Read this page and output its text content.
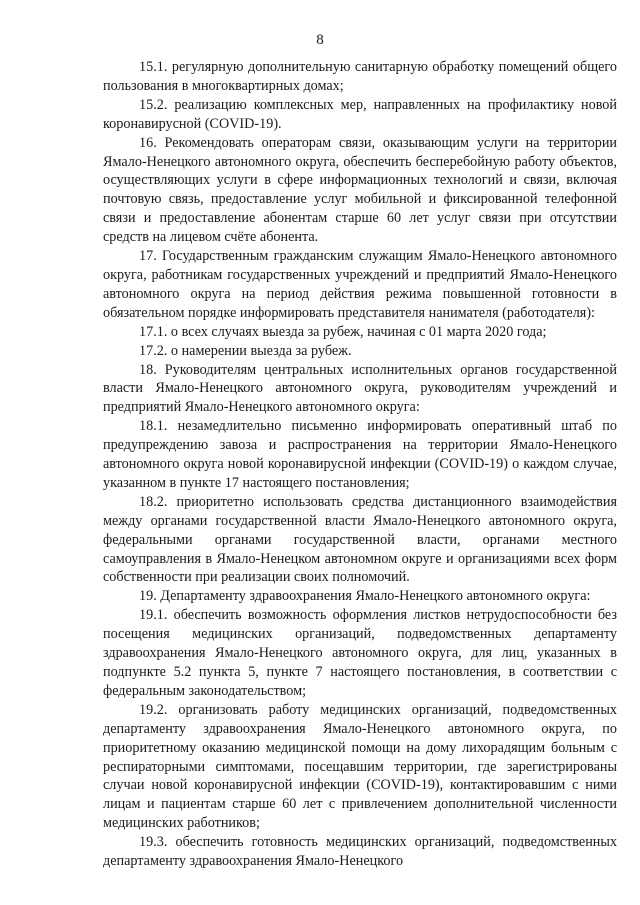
8

15.1. регулярную дополнительную санитарную обработку помещений общего пользования в многоквартирных домах;

15.2. реализацию комплексных мер, направленных на профилактику новой коронавирусной (COVID-19).

16. Рекомендовать операторам связи, оказывающим услуги на территории Ямало-Ненецкого автономного округа, обеспечить бесперебойную работу объектов, осуществляющих услуги в сфере информационных технологий и связи, включая почтовую связь, предоставление услуг мобильной и фиксированной телефонной связи и предоставление абонентам старше 60 лет услуг связи при отсутствии средств на лицевом счёте абонента.

17. Государственным гражданским служащим Ямало-Ненецкого автономного округа, работникам государственных учреждений и предприятий Ямало-Ненецкого автономного округа на период действия режима повышенной готовности в обязательном порядке информировать представителя нанимателя (работодателя):

17.1. о всех случаях выезда за рубеж, начиная с 01 марта 2020 года;

17.2. о намерении выезда за рубеж.

18. Руководителям центральных исполнительных органов государственной власти Ямало-Ненецкого автономного округа, руководителям учреждений и предприятий Ямало-Ненецкого автономного округа:

18.1. незамедлительно письменно информировать оперативный штаб по предупреждению завоза и распространения на территории Ямало-Ненецкого автономного округа новой коронавирусной инфекции (COVID-19) о каждом случае, указанном в пункте 17 настоящего постановления;

18.2. приоритетно использовать средства дистанционного взаимодействия между органами государственной власти Ямало-Ненецкого автономного округа, федеральными органами государственной власти, органами местного самоуправления в Ямало-Ненецком автономном округе и организациями всех форм собственности при реализации своих полномочий.

19. Департаменту здравоохранения Ямало-Ненецкого автономного округа:

19.1. обеспечить возможность оформления листков нетрудоспособности без посещения медицинских организаций, подведомственных департаменту здравоохранения Ямало-Ненецкого автономного округа, для лиц, указанных в подпункте 5.2 пункта 5, пункте 7 настоящего постановления, в соответствии с федеральным законодательством;

19.2. организовать работу медицинских организаций, подведомственных департаменту здравоохранения Ямало-Ненецкого автономного округа, по приоритетному оказанию медицинской помощи на дому лихорадящим больным с респираторными симптомами, посещавшим территории, где зарегистрированы случаи новой коронавирусной инфекции (COVID-19), контактировавшим с ними лицам и пациентам старше 60 лет с привлечением дополнительной численности медицинских работников;

19.3. обеспечить готовность медицинских организаций, подведомственных департаменту здравоохранения Ямало-Ненецкого
